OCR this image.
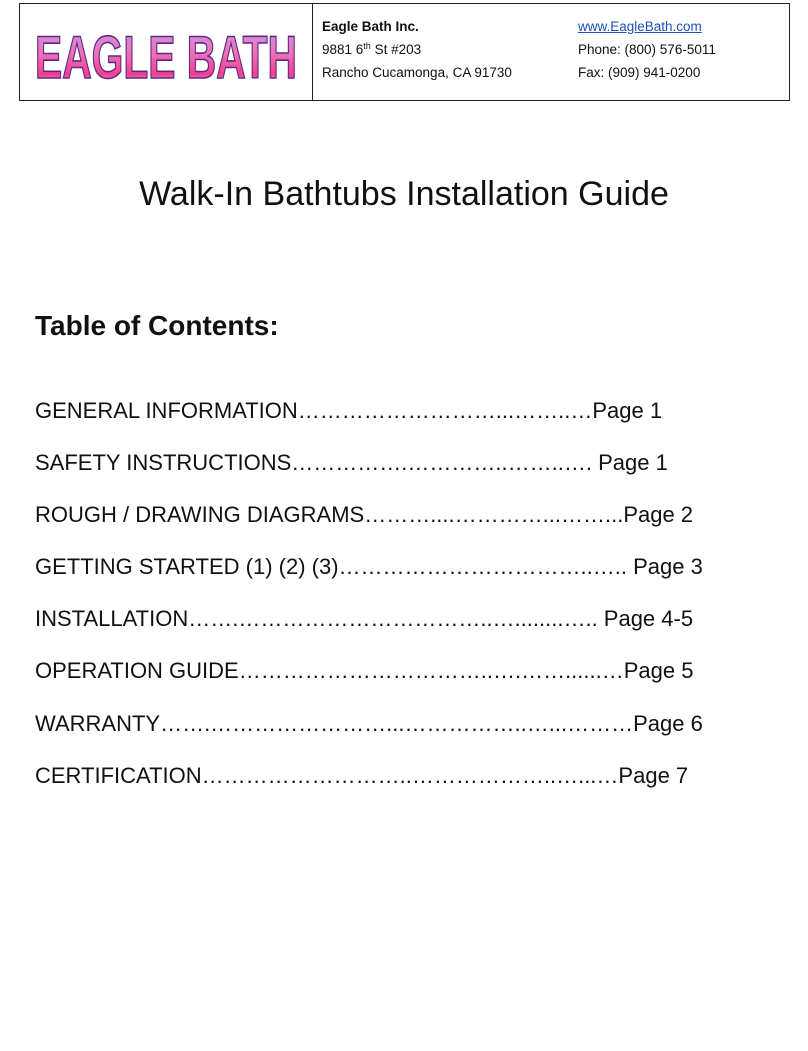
EAGLE BATH Eagle Bath Inc.	www.EagleBath.com
9881 6th St #203	Phone: (800) 576-5011
Rancho Cucamonga, CA 91730	Fax: (909) 941-0200
Walk-In Bathtubs Installation Guide
Table of Contents:
GENERAL INFORMATION………………………...……..…Page 1
SAFETY INSTRUCTIONS…………….…………..……..…. Page 1
ROUGH / DRAWING DIAGRAMS………....…………...……...Page 2
GETTING STARTED (1) (2) (3)……………………………..….. Page 3
INSTALLATION…….……………………………..…........….. Page 4-5
OPERATION GUIDE……………………………..….……......…Page 5
WARRANTY…….……………………...……………..…...………Page 6
CERTIFICATION………………………..………………..…...…Page 7
